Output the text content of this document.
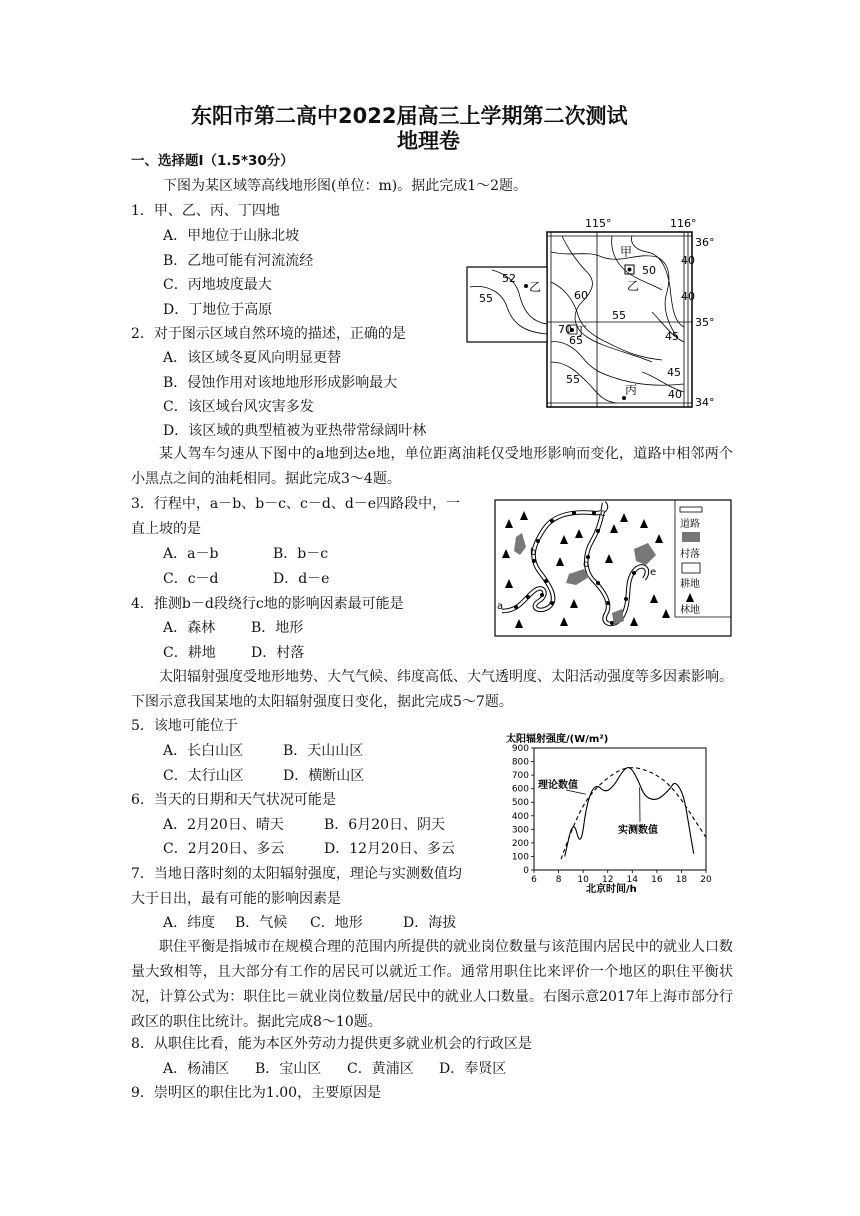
东阳市第二高中2022届高三上学期第二次测试
地理卷
一、选择题Ⅰ（1.5*30分）
下图为某区域等高线地形图(单位：m)。据此完成1～2题。
1．甲、乙、丙、丁四地
A．甲地位于山脉北坡
B．乙地可能有河流流经
C．丙地坡度最大
D．丁地位于高原
2．对于图示区域自然环境的描述，正确的是
A．该区域冬夏风向明显更替
B．侵蚀作用对该地地形形成影响最大
C．该区域台风灾害多发
D．该区域的典型植被为亚热带常绿阔叶林
115°	116°
36°
35°
34°
甲
乙	乙
丁
丙
50
40
40
60
55
45
52
55
70
65
55
45
40
某人驾车匀速从下图中的a地到达e地，单位距离油耗仅受地形影响而变化，道路中相邻两个小黑点之间的油耗相同。据此完成3～4题。
3．行程中，a－b、b－c、c－d、d－e四路段中，一
直上坡的是
A．a－b	B．b－c
C．c－d	D．d－e
4．推测b－d段绕行c地的影响因素最可能是
A．森林	B．地形
C．耕地	D．村落
a
b
c
d
e
道路
村落
耕地
林地
太阳辐射强度受地形地势、大气气候、纬度高低、大气透明度、太阳活动强度等多因素影响。下图示意我国某地的太阳辐射强度日变化，据此完成5～7题。
5．该地可能位于
A．长白山区	B．天山山区
C．太行山区	D．横断山区
6．当天的日期和天气状况可能是
A．2月20日、晴天	B．6月20日、阴天
C．2月20日、多云	D．12月20日、多云
7．当地日落时刻的太阳辐射强度，理论与实测数值均
大于日出，最有可能的影响因素是
A．纬度 B．气候 C．地形	D．海拔
太阳辐射强度/(W/m²)
北京时间/h
0
100
200
300
400
500
600
700
800
900
6 8 10 12 14 16 18 20
理论数值
实测数值
职住平衡是指城市在规模合理的范围内所提供的就业岗位数量与该范围内居民中的就业人口数量大致相等，且大部分有工作的居民可以就近工作。通常用职住比来评价一个地区的职住平衡状况，计算公式为：职住比＝就业岗位数量/居民中的就业人口数量。右图示意2017年上海市部分行政区的职住比统计。据此完成8～10题。
8．从职住比看，能为本区外劳动力提供更多就业机会的行政区是
A．杨浦区 B．宝山区 C．黄浦区 D．奉贤区
9．崇明区的职住比为1.00，主要原因是
